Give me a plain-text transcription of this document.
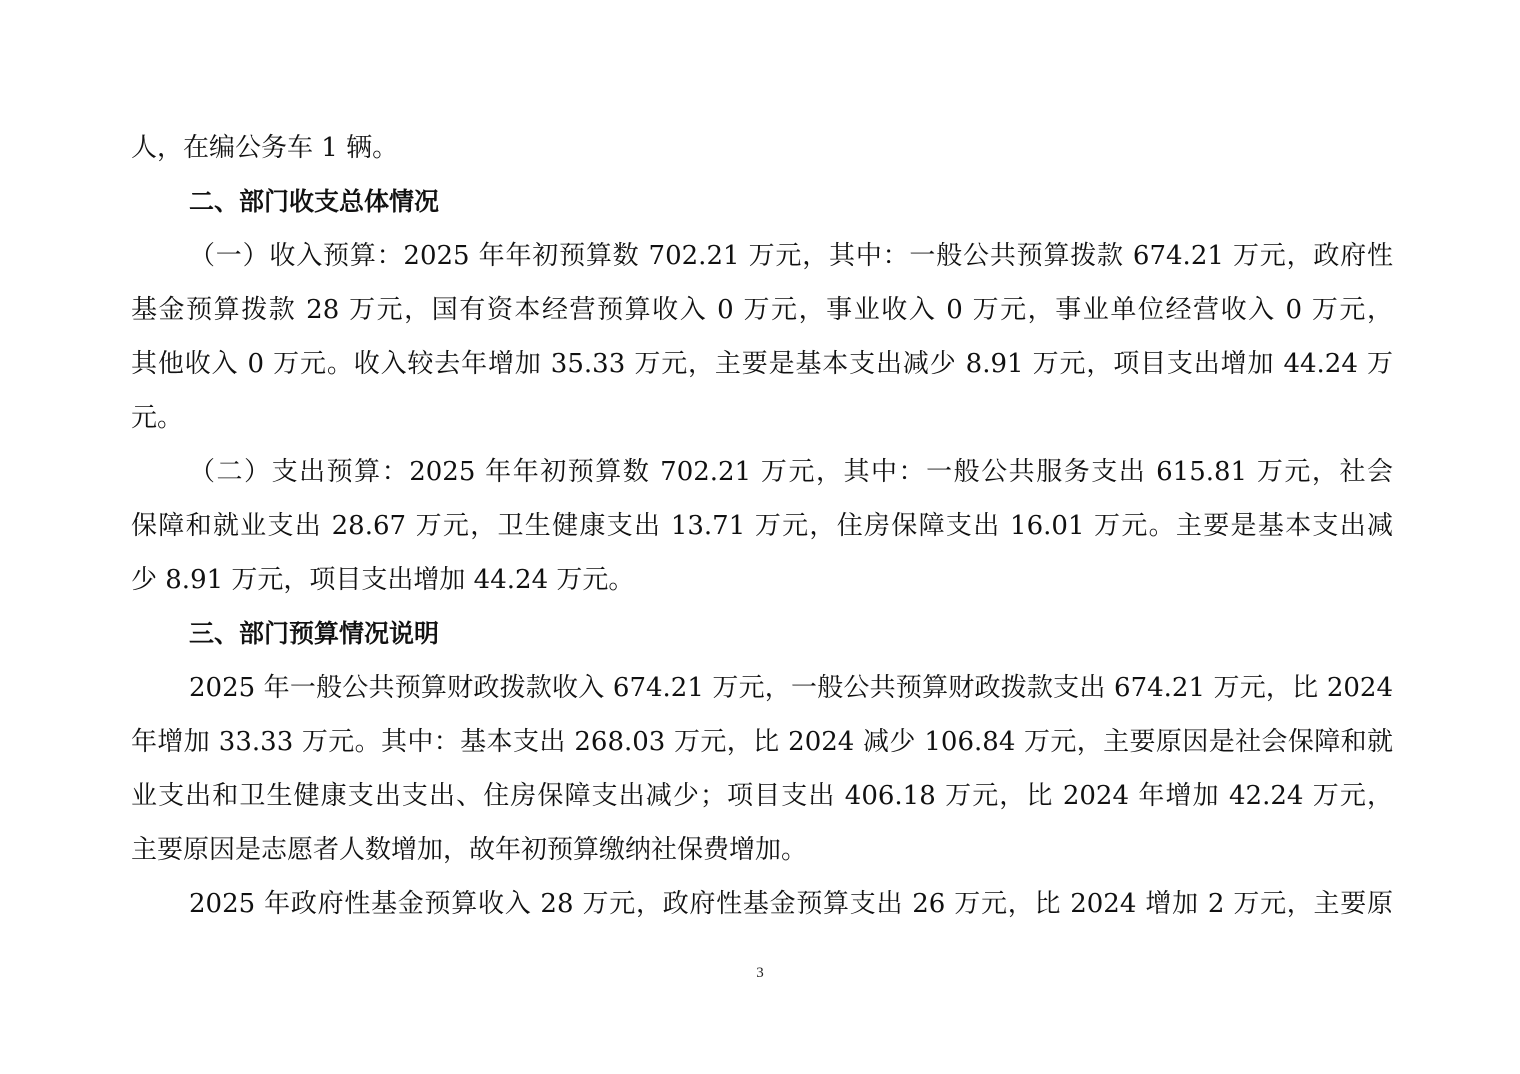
人，在编公务车 1 辆。
二、部门收支总体情况
（一）收入预算：2025 年年初预算数 702.21 万元，其中：一般公共预算拨款 674.21 万元，政府性
基金预算拨款 28 万元，国有资本经营预算收入 0 万元，事业收入 0 万元，事业单位经营收入 0 万元，
其他收入 0 万元。收入较去年增加 35.33 万元，主要是基本支出减少 8.91 万元，项目支出增加 44.24 万
元。
（二）支出预算：2025 年年初预算数 702.21 万元，其中：一般公共服务支出 615.81 万元，社会
保障和就业支出 28.67 万元，卫生健康支出 13.71 万元，住房保障支出 16.01 万元。主要是基本支出减
少 8.91 万元，项目支出增加 44.24 万元。
三、部门预算情况说明
2025 年一般公共预算财政拨款收入 674.21 万元，一般公共预算财政拨款支出 674.21 万元，比 2024
年增加 33.33 万元。其中：基本支出 268.03 万元，比 2024 减少 106.84 万元，主要原因是社会保障和就
业支出和卫生健康支出支出、住房保障支出减少；项目支出 406.18 万元，比 2024 年增加 42.24 万元，
主要原因是志愿者人数增加，故年初预算缴纳社保费增加。
2025 年政府性基金预算收入 28 万元，政府性基金预算支出 26 万元，比 2024 增加 2 万元，主要原
3
